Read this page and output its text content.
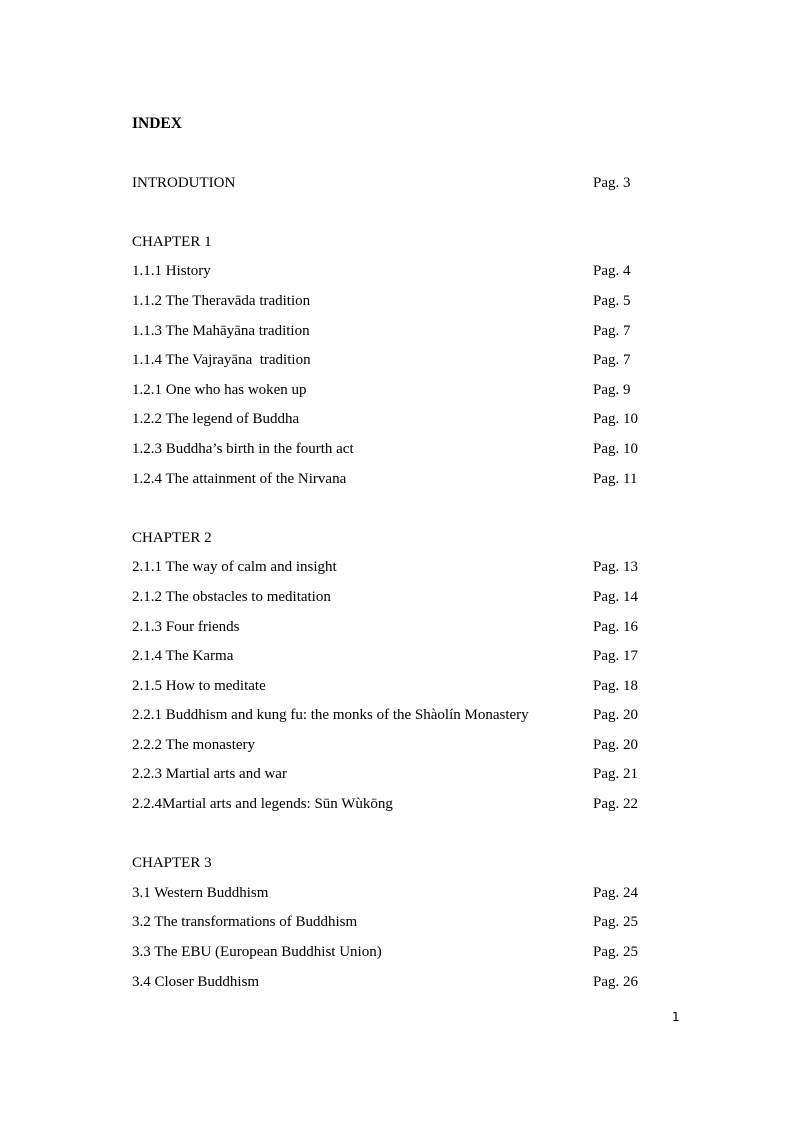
INDEX
INTRODUTION	Pag. 3
CHAPTER 1
1.1.1 History	Pag. 4
1.1.2 The Theravāda tradition	Pag. 5
1.1.3 The Mahāyāna tradition	Pag. 7
1.1.4 The Vajrayāna  tradition	Pag. 7
1.2.1 One who has woken up	Pag. 9
1.2.2 The legend of Buddha	Pag. 10
1.2.3 Buddha’s birth in the fourth act	Pag. 10
1.2.4 The attainment of the Nirvana	Pag. 11
CHAPTER 2
2.1.1 The way of calm and insight	Pag. 13
2.1.2 The obstacles to meditation	Pag. 14
2.1.3 Four friends	Pag. 16
2.1.4 The Karma	Pag. 17
2.1.5 How to meditate	Pag. 18
2.2.1 Buddhism and kung fu: the monks of the Shàolín Monastery	Pag. 20
2.2.2 The monastery	Pag. 20
2.2.3 Martial arts and war	Pag. 21
2.2.4Martial arts and legends: Sūn Wùkōng	Pag. 22
CHAPTER 3
3.1 Western Buddhism	Pag. 24
3.2 The transformations of Buddhism	Pag. 25
3.3 The EBU (European Buddhist Union)	Pag. 25
3.4 Closer Buddhism	Pag. 26
1
